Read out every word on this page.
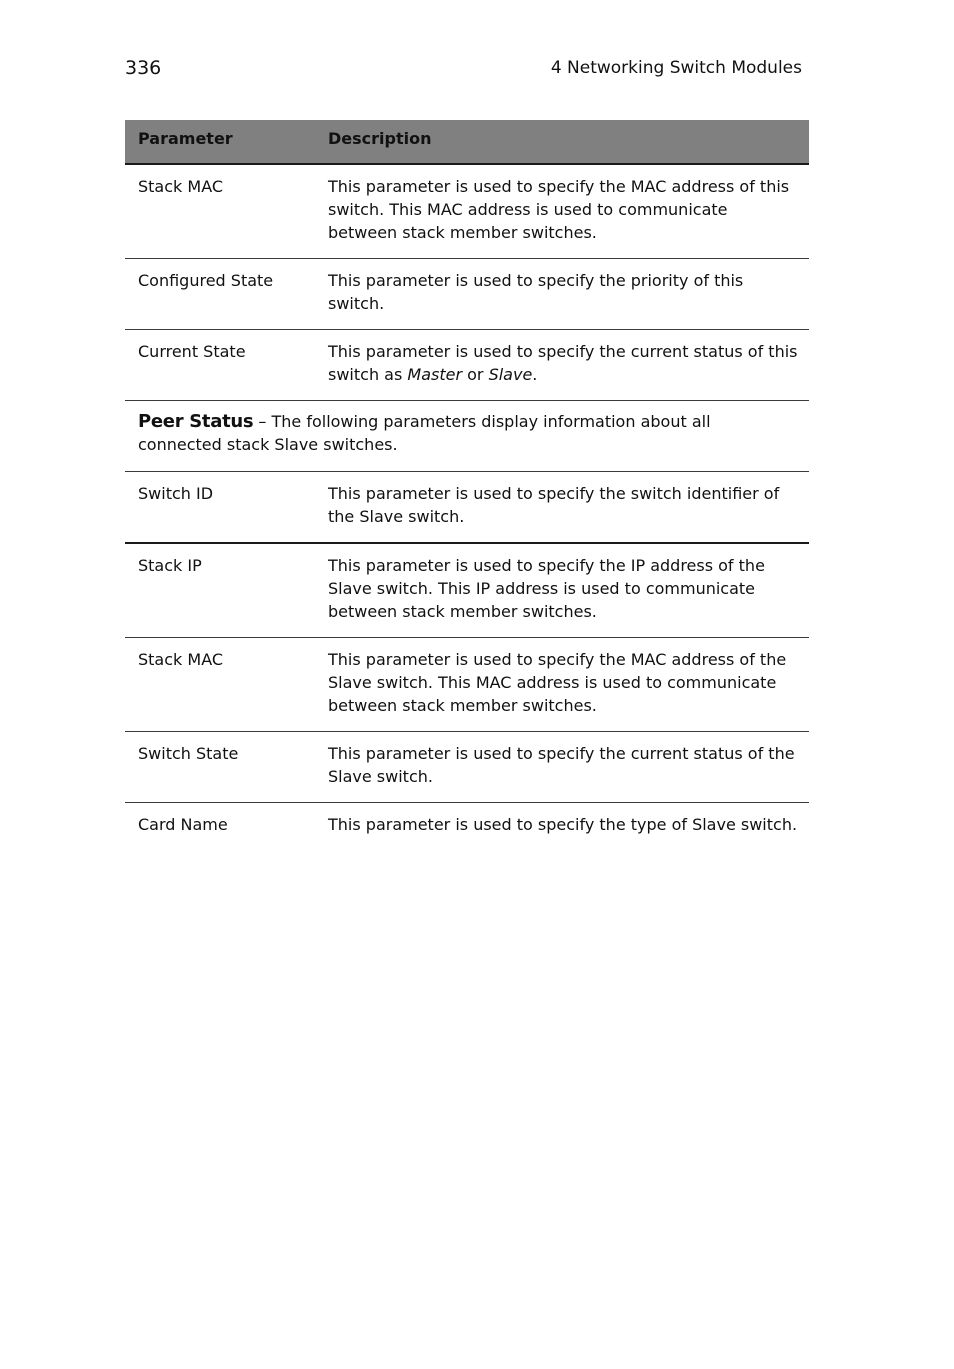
336	4 Networking Switch Modules
Parameter	Description
Stack MAC	This parameter is used to specify the MAC address of this switch. This MAC address is used to communicate between stack member switches.
Configured State	This parameter is used to specify the priority of this switch.
Current State	This parameter is used to specify the current status of this switch as Master or Slave.
Peer Status – The following parameters display information about all connected stack Slave switches.
Switch ID	This parameter is used to specify the switch identifier of the Slave switch.
Stack IP	This parameter is used to specify the IP address of the Slave switch. This IP address is used to communicate between stack member switches.
Stack MAC	This parameter is used to specify the MAC address of the Slave switch. This MAC address is used to communicate between stack member switches.
Switch State	This parameter is used to specify the current status of the Slave switch.
Card Name	This parameter is used to specify the type of Slave switch.
